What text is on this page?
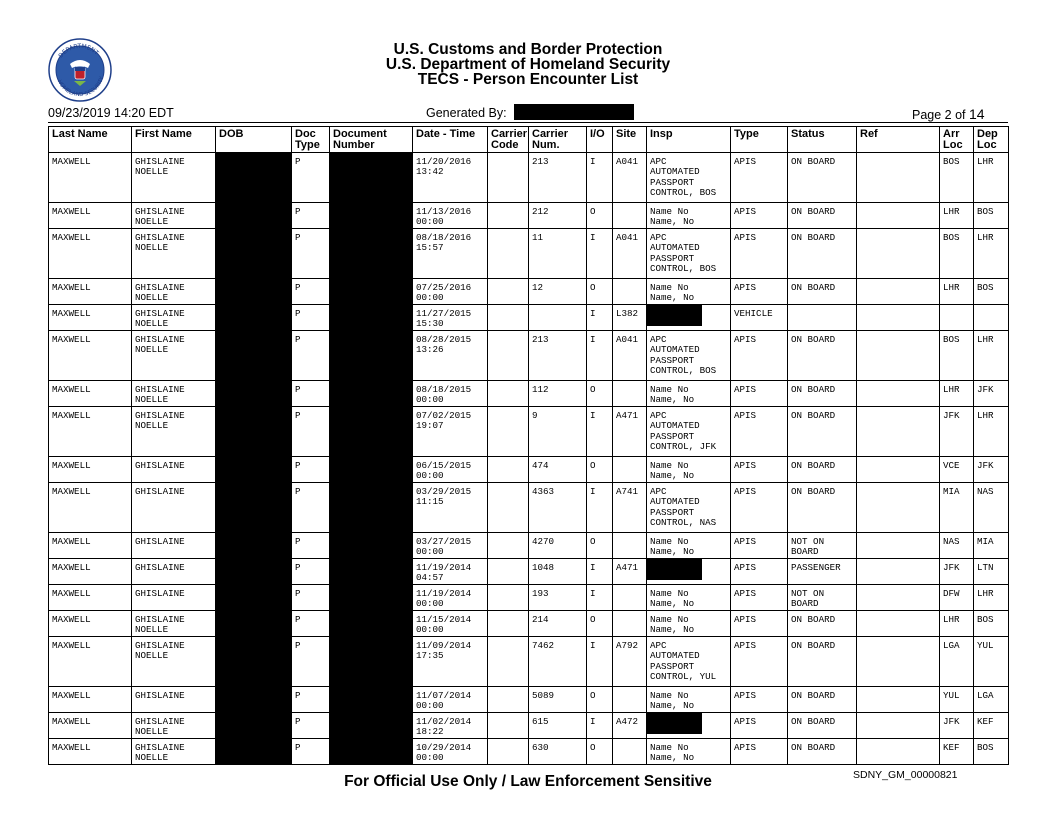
DEPARTMENT
HOMELAND SECURITY
U.S. Customs and Border Protection
U.S. Department of Homeland Security
TECS - Person Encounter List
09/23/2019 14:20 EDT	Generated By:	Page 2 of 14
Last Name	First Name	DOB	Doc
Type	Document
Number	Date - Time	Carrier
Code	Carrier
Num.	I/O	Site	Insp	Type	Status	Ref	Arr
Loc	Dep
Loc
MAXWELL	GHISLAINE
NOELLE		P		11/20/2016
13:42		213	I	A041	APC
AUTOMATED
PASSPORT
CONTROL, BOS	APIS	ON BOARD		BOS	LHR
MAXWELL	GHISLAINE
NOELLE		P		11/13/2016
00:00		212	O		Name No
Name, No	APIS	ON BOARD		LHR	BOS
MAXWELL	GHISLAINE
NOELLE		P		08/18/2016
15:57		11	I	A041	APC
AUTOMATED
PASSPORT
CONTROL, BOS	APIS	ON BOARD		BOS	LHR
MAXWELL	GHISLAINE
NOELLE		P		07/25/2016
00:00		12	O		Name No
Name, No	APIS	ON BOARD		LHR	BOS
MAXWELL	GHISLAINE
NOELLE		P		11/27/2015
15:30			I	L382		VEHICLE				
MAXWELL	GHISLAINE
NOELLE		P		08/28/2015
13:26		213	I	A041	APC
AUTOMATED
PASSPORT
CONTROL, BOS	APIS	ON BOARD		BOS	LHR
MAXWELL	GHISLAINE
NOELLE		P		08/18/2015
00:00		112	O		Name No
Name, No	APIS	ON BOARD		LHR	JFK
MAXWELL	GHISLAINE
NOELLE		P		07/02/2015
19:07		9	I	A471	APC
AUTOMATED
PASSPORT
CONTROL, JFK	APIS	ON BOARD		JFK	LHR
MAXWELL	GHISLAINE		P		06/15/2015
00:00		474	O		Name No
Name, No	APIS	ON BOARD		VCE	JFK
MAXWELL	GHISLAINE		P		03/29/2015
11:15		4363	I	A741	APC
AUTOMATED
PASSPORT
CONTROL, NAS	APIS	ON BOARD		MIA	NAS
MAXWELL	GHISLAINE		P		03/27/2015
00:00		4270	O		Name No
Name, No	APIS	NOT ON
BOARD		NAS	MIA
MAXWELL	GHISLAINE		P		11/19/2014
04:57		1048	I	A471		APIS	PASSENGER		JFK	LTN
MAXWELL	GHISLAINE		P		11/19/2014
00:00		193	I		Name No
Name, No	APIS	NOT ON
BOARD		DFW	LHR
MAXWELL	GHISLAINE
NOELLE		P		11/15/2014
00:00		214	O		Name No
Name, No	APIS	ON BOARD		LHR	BOS
MAXWELL	GHISLAINE
NOELLE		P		11/09/2014
17:35		7462	I	A792	APC
AUTOMATED
PASSPORT
CONTROL, YUL	APIS	ON BOARD		LGA	YUL
MAXWELL	GHISLAINE		P		11/07/2014
00:00		5089	O		Name No
Name, No	APIS	ON BOARD		YUL	LGA
MAXWELL	GHISLAINE
NOELLE		P		11/02/2014
18:22		615	I	A472		APIS	ON BOARD		JFK	KEF
MAXWELL	GHISLAINE
NOELLE		P		10/29/2014
00:00		630	O		Name No
Name, No	APIS	ON BOARD		KEF	BOS
For Official Use Only / Law Enforcement Sensitive	SDNY_GM_00000821
